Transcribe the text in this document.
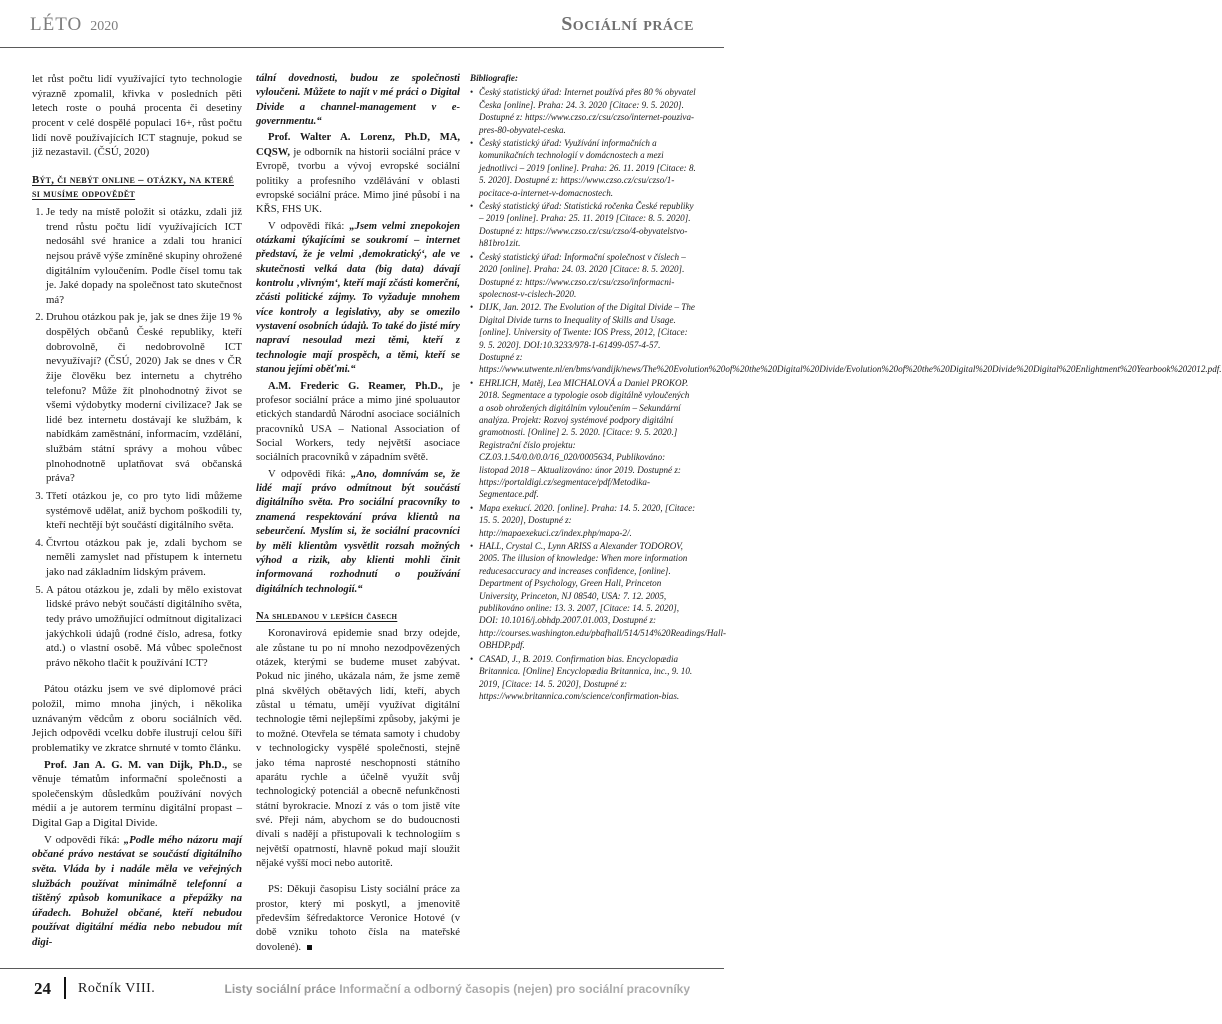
LÉTO 2020	Sociální práce

let růst počtu lidí využívající tyto technologie výrazně zpomalil, křivka v posledních pěti letech roste o pouhá procenta či desetiny procent v celé dospělé populaci 16+, růst počtu lidí nově používajících ICT stagnuje, pokud se již nezastavil. (ČSÚ, 2020)

Být, či nebýt online – otázky, na které si musíme odpovědět
1. Je tedy na místě položit si otázku, zdali již trend růstu počtu lidí využívajících ICT nedosáhl své hranice a zdali tou hranicí nejsou právě výše zmíněné skupiny ohrožené digitálním vyloučením. Podle čísel tomu tak je. Jaké dopady na společnost tato skutečnost má?
2. Druhou otázkou pak je, jak se dnes žije 19 % dospělých občanů České republiky, kteří dobrovolně, či nedobrovolně ICT nevyužívají? (ČSÚ, 2020) Jak se dnes v ČR žije člověku bez internetu a chytrého telefonu? Může žít plnohodnotný život se všemi výdobytky moderní civilizace? Jak se lidé bez internetu dostávají ke službám, k nabídkám zaměstnání, informacím, vzdělání, službám státní správy a mohou vůbec plnohodnotně uplatňovat svá občanská práva?
3. Třetí otázkou je, co pro tyto lidi můžeme systémově udělat, aniž bychom poškodili ty, kteří nechtějí být součástí digitálního světa.
4. Čtvrtou otázkou pak je, zdali bychom se neměli zamyslet nad přístupem k internetu jako nad základním lidským právem.
5. A pátou otázkou je, zdali by mělo existovat lidské právo nebýt součástí digitálního světa, tedy právo umožňující odmítnout digitalizaci jakýchkoli údajů (rodné číslo, adresa, fotky atd.) o vlastní osobě. Má vůbec společnost právo někoho tlačit k používání ICT?

Pátou otázku jsem ve své diplomové práci položil, mimo mnoha jiných, i několika uznávaným vědcům z oboru sociálních věd. Jejich odpovědi vcelku dobře ilustrují celou šíři problematiky ve zkratce shrnuté v tomto článku.

Prof. Jan A. G. M. van Dijk, Ph.D., se věnuje tématům informační společnosti a společenským důsledkům používání nových médií a je autorem termínu digitální propast – Digital Gap a Digital Divide.

V odpovědi říká: „Podle mého názoru mají občané právo nestávat se součástí digitálního světa. Vláda by i nadále měla ve veřejných službách používat minimálně telefonní a tištěný způsob komunikace a přepážky na úřadech. Bohužel občané, kteří nebudou používat digitální média nebo nebudou mít digi-

tální dovednosti, budou ze společnosti vyloučeni. Můžete to najít v mé práci o Digital Divide a channel-management v e-governmentu.“

Prof. Walter A. Lorenz, Ph.D, MA, CQSW, je odborník na historii sociální práce v Evropě, tvorbu a vývoj evropské sociální politiky a profesního vzdělávání v oblasti evropské sociální práce. Mimo jiné působí i na KŘS, FHS UK.

V odpovědi říká: „Jsem velmi znepokojen otázkami týkajícími se soukromí – internet představí, že je velmi ‚demokratický‘, ale ve skutečnosti velká data (big data) dávají kontrolu ‚vlivným‘, kteří mají zčásti komerční, zčásti politické zájmy. To vyžaduje mnohem více kontroly a legislativy, aby se omezilo vystavení osobních údajů. To také do jisté míry napraví nesoulad mezi těmi, kteří z technologie mají prospěch, a těmi, kteří se stanou jejími oběťmi.“

A.M. Frederic G. Reamer, Ph.D., je profesor sociální práce a mimo jiné spoluautor etických standardů Národní asociace sociálních pracovníků USA – National Association of Social Workers, tedy největší asociace sociálních pracovníků v západním světě.

V odpovědi říká: „Ano, domnívám se, že lidé mají právo odmítnout být součástí digitálního světa. Pro sociální pracovníky to znamená respektování práva klientů na sebeurčení. Myslím si, že sociální pracovníci by měli klientům vysvětlit rozsah možných výhod a rizik, aby klienti mohli činit informovaná rozhodnutí o používání digitálních technologií.“

Na shledanou v lepších časech

Koronavirová epidemie snad brzy odejde, ale zůstane tu po ní mnoho nezodpovězených otázek, kterými se budeme muset zabývat. Pokud nic jiného, ukázala nám, že jsme země plná skvělých obětavých lidí, kteří, abych zůstal u tématu, umějí využívat digitální technologie těmi nejlepšími způsoby, jakými je to možné. Otevřela se témata samoty i chudoby v technologicky vyspělé společnosti, stejně jako téma naprosté neschopnosti státního aparátu rychle a účelně využít svůj technologický potenciál a obecně nefunkčnosti státní byrokracie. Mnozí z vás o tom jistě víte své. Přeji nám, abychom se do budoucnosti dívali s nadějí a přistupovali k technologiím s největší opatrností, hlavně pokud mají sloužit nějaké vyšší moci nebo autoritě.

PS: Děkuji časopisu Listy sociální práce za prostor, který mi poskytl, a jmenovitě především šéfredaktorce Veronice Hotové (v době vzniku tohoto čísla na mateřské dovolené).

Bibliografie:
• Český statistický úřad: Internet používá přes 80 % obyvatel Česka [online]. Praha: 24. 3. 2020 [Citace: 9. 5. 2020]. Dostupné z: https://www.czso.cz/csu/czso/internet-pouziva-pres-80-obyvatel-ceska.
• Český statistický úřad: Využívání informačních a komunikačních technologií v domácnostech a mezi jednotlivci – 2019 [online]. Praha: 26. 11. 2019 [Citace: 8. 5. 2020]. Dostupné z: https://www.czso.cz/csu/czso/1-pocitace-a-internet-v-domacnostech.
• Český statistický úřad: Statistická ročenka České republiky – 2019 [online]. Praha: 25. 11. 2019 [Citace: 8. 5. 2020]. Dostupné z: https://www.czso.cz/csu/czso/4-obyvatelstvo-h81bro1zit.
• Český statistický úřad: Informační společnost v číslech – 2020 [online]. Praha: 24. 03. 2020 [Citace: 8. 5. 2020]. Dostupné z: https://www.czso.cz/csu/czso/informacni-spolecnost-v-cislech-2020.
• DIJK, Jan. 2012. The Evolution of the Digital Divide – The Digital Divide turns to Inequality of Skills and Usage. [online]. University of Twente: IOS Press, 2012, [Citace: 9. 5. 2020]. DOI:10.3233/978-1-61499-057-4-57. Dostupné z: https://www.utwente.nl/en/bms/vandijk/news/The%20Evolution%20of%20the%20Digital%20Divide/Evolution%20of%20the%20Digital%20Divide%20Digital%20Enlightment%20Yearbook%202012.pdf.
• EHRLICH, Matěj, Lea MICHALOVÁ a Daniel PROKOP. 2018. Segmentace a typologie osob digitálně vyloučených a osob ohrožených digitálním vyloučením – Sekundární analýza. Projekt: Rozvoj systémové podpory digitální gramotnosti. [Online] 2. 5. 2020. [Citace: 9. 5. 2020.] Registrační číslo projektu: CZ.03.1.54/0.0/0.0/16_020/0005634, Publikováno: listopad 2018 – Aktualizováno: únor 2019. Dostupné z: https://portaldigi.cz/segmentace/pdf/Metodika-Segmentace.pdf.
• Mapa exekucí. 2020. [online]. Praha: 14. 5. 2020, [Citace: 15. 5. 2020], Dostupné z: http://mapaexekuci.cz/index.php/mapa-2/.
• HALL, Crystal C., Lynn ARISS a Alexander TODOROV, 2005. The illusion of knowledge: When more information reducesaccuracy and increases confidence, [online]. Department of Psychology, Green Hall, Princeton University, Princeton, NJ 08540, USA: 7. 12. 2005, publikováno online: 13. 3. 2007, [Citace: 14. 5. 2020], DOI: 10.1016/j.obhdp.2007.01.003, Dostupné z: http://courses.washington.edu/pbafhall/514/514%20Readings/Hall-OBHDP.pdf.
• CASAD, J., B. 2019. Confirmation bias. Encyclopædia Britannica. [Online] Encyclopædia Britannica, inc., 9. 10. 2019, [Citace: 14. 5. 2020], Dostupné z: https://www.britannica.com/science/confirmation-bias.
24 Ročník VIII.	Listy sociální práce Informační a odborný časopis (nejen) pro sociální pracovníky
